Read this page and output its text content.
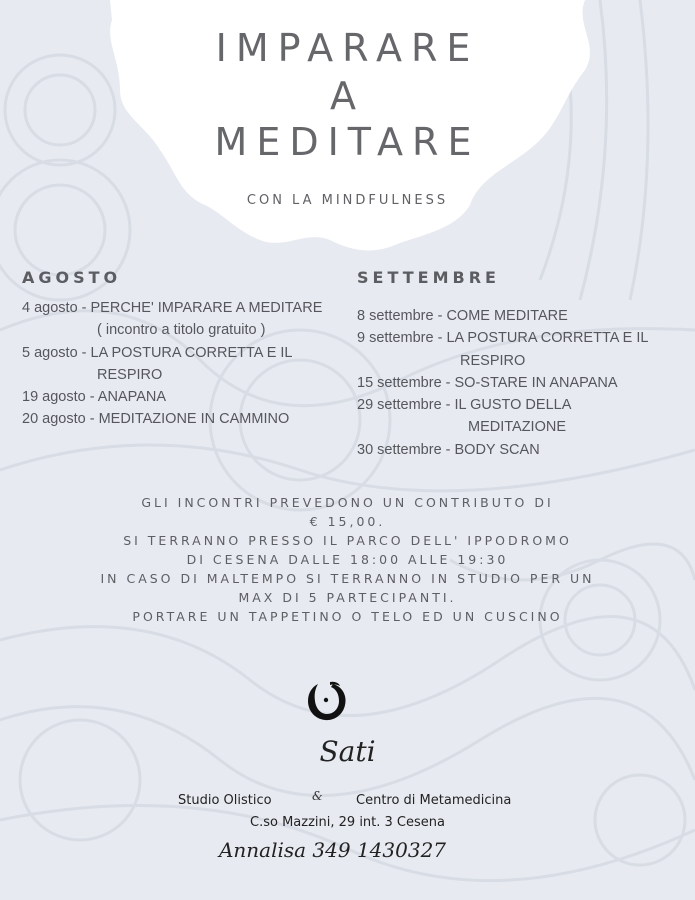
IMPARARE
A
MEDITARE
CON LA MINDFULNESS
AGOSTO
4 agosto - PERCHE' IMPARARE A MEDITARE
( incontro a titolo gratuito )
5 agosto - LA POSTURA CORRETTA E IL
RESPIRO
19 agosto - ANAPANA
20 agosto - MEDITAZIONE IN CAMMINO
SETTEMBRE
8 settembre - COME MEDITARE
9 settembre - LA POSTURA CORRETTA E IL
RESPIRO
15 settembre - SO-STARE IN ANAPANA
29 settembre - IL GUSTO DELLA
MEDITAZIONE
30 settembre - BODY SCAN
GLI INCONTRI PREVEDONO UN CONTRIBUTO DI
€ 15,00.
SI TERRANNO PRESSO IL PARCO DELL' IPPODROMO
DI CESENA DALLE 18:00 ALLE 19:30
IN CASO DI MALTEMPO SI TERRANNO IN STUDIO PER UN
MAX DI 5 PARTECIPANTI.
PORTARE UN TAPPETINO O TELO ED UN CUSCINO
Sati
Studio Olistico	&	Centro di Metamedicina
C.so Mazzini, 29 int. 3 Cesena
Annalisa 349 1430327
